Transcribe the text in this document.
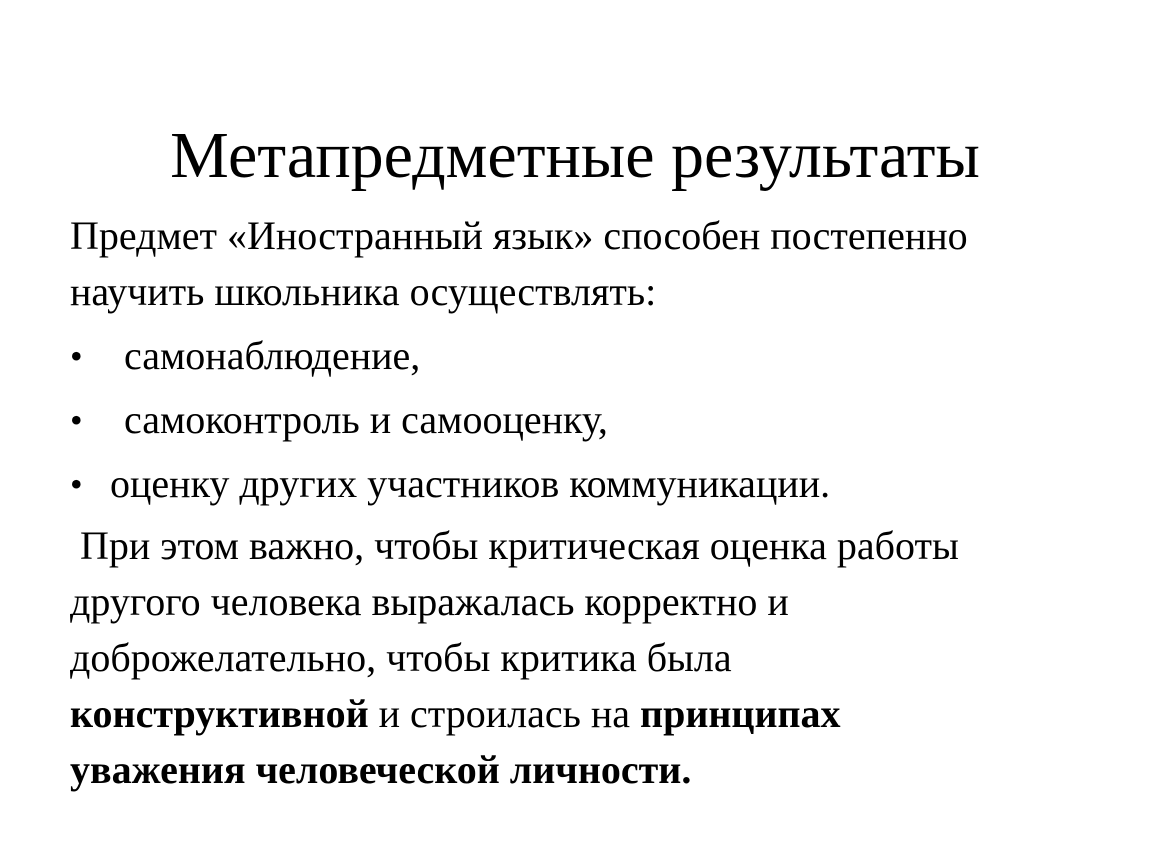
Метапредметные результаты

Предмет «Иностранный язык» способен постепенно
научить школьника осуществлять:

• самонаблюдение,
• самоконтроль и самооценку,
• оценку других участников коммуникации.

При этом важно, чтобы критическая оценка работы
другого человека выражалась корректно и
доброжелательно, чтобы критика была
конструктивной и строилась на принципах
уважения человеческой личности.
